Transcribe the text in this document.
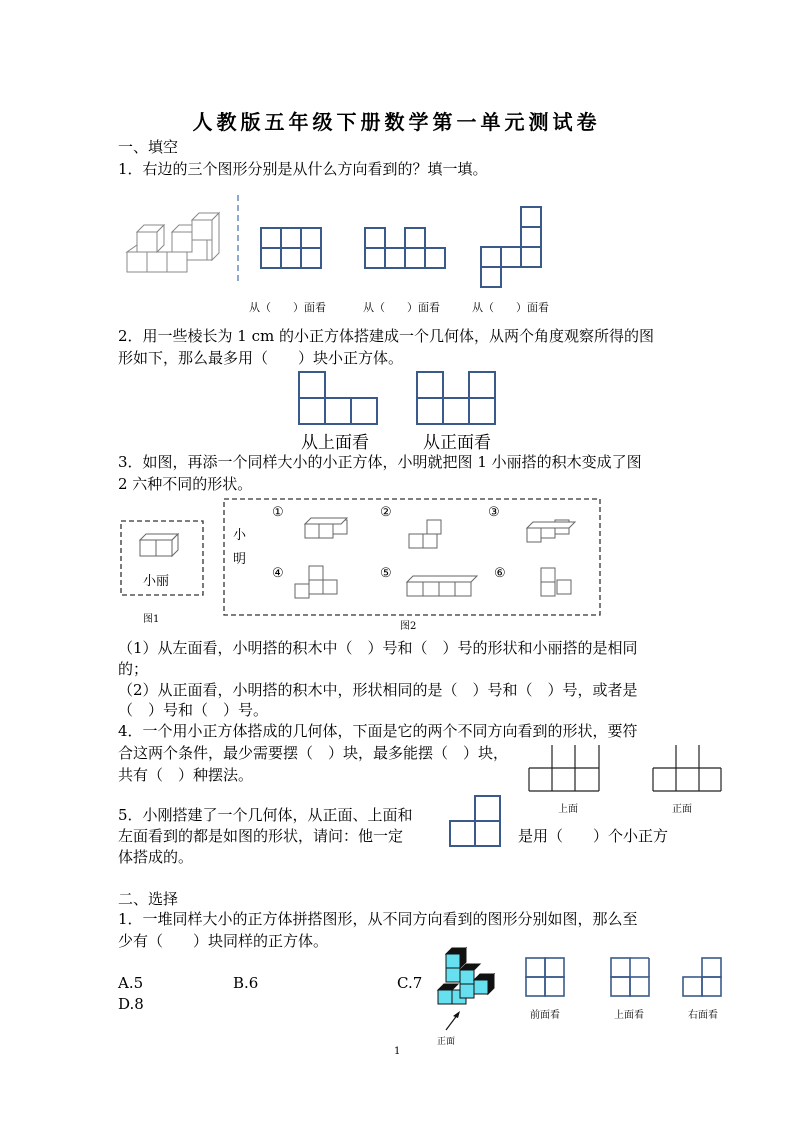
人教版五年级下册数学第一单元测试卷
一、填空
1．右边的三个图形分别是从什么方向看到的？填一填。
从（　　）面看	从（　　）面看	从（　　）面看
2．用一些棱长为 1 cm 的小正方体搭建成一个几何体，从两个角度观察所得的图
形如下，那么最多用（　　）块小正方体。
从上面看	从正面看
3．如图，再添一个同样大小的小正方体，小明就把图 1 小丽搭的积木变成了图
2 六种不同的形状。
小丽
图1
小
明
①	②	③
④	⑤	⑥
图2
（1）从左面看，小明搭的积木中（　）号和（　）号的形状和小丽搭的是相同
的；
（2）从正面看，小明搭的积木中，形状相同的是（　）号和（　）号，或者是
（　）号和（　）号。
4．一个用小正方体搭成的几何体，下面是它的两个不同方向看到的形状，要符
合这两个条件，最少需要摆（　）块，最多能摆（　）块，
共有（　）种摆法。
上面	正面
5．小刚搭建了一个几何体，从正面、上面和
左面看到的都是如图的形状，请问：他一定	是用（　　）个小正方
体搭成的。
二、选择
1．一堆同样大小的正方体拼搭图形，从不同方向看到的图形分别如图，那么至
少有（　　）块同样的正方体。
A.5	B.6	C.7
D.8
正面
前面看	上面看	右面看
1
